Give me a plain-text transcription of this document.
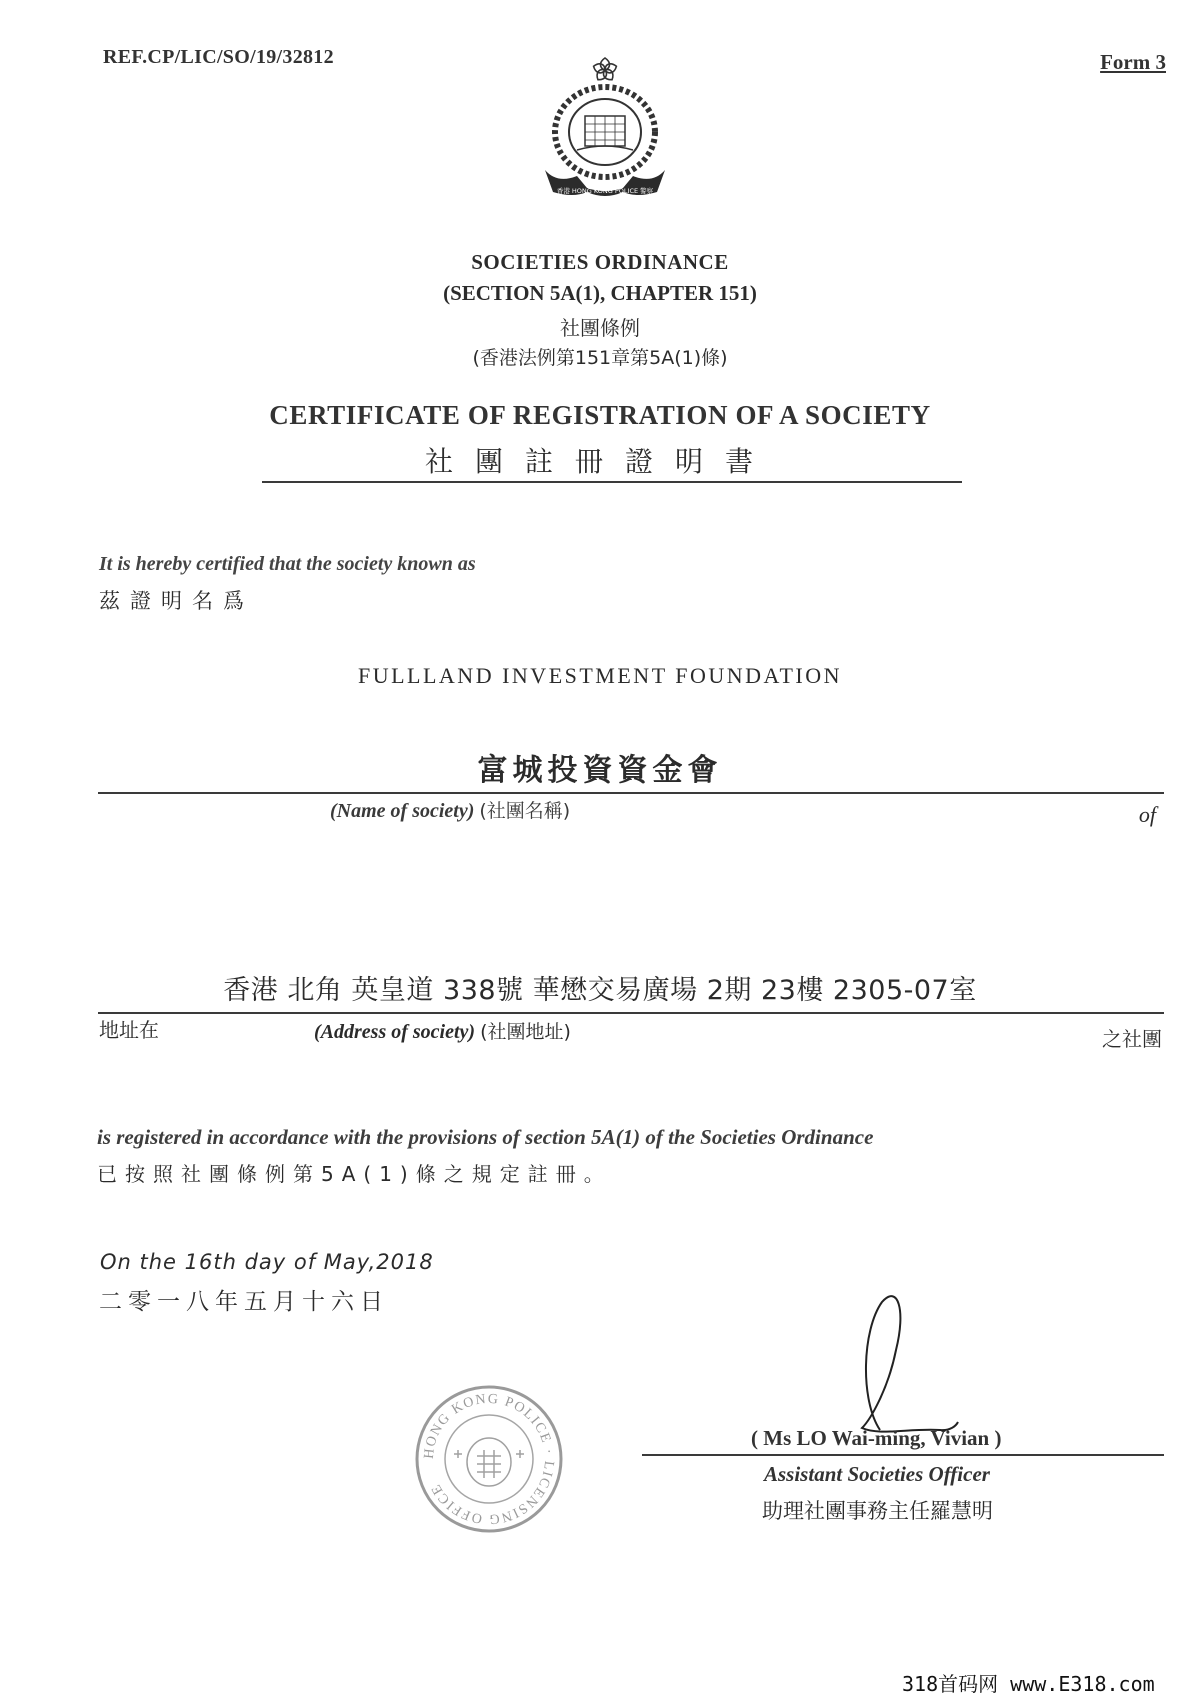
REF.CP/LIC/SO/19/32812	Form 3
香港 HONG KONG POLICE 警察
SOCIETIES ORDINANCE
(SECTION 5A(1), CHAPTER 151)
社團條例
(香港法例第151章第5A(1)條)
CERTIFICATE OF REGISTRATION OF A SOCIETY
社團註冊證明書
It is hereby certified that the society known as
茲證明名爲
FULLLAND INVESTMENT FOUNDATION
富城投資資金會
(Name of society) (社團名稱)	of
香港 北角 英皇道 338號 華懋交易廣場 2期 23樓 2305-07室
地址在	(Address of society) (社團地址)	之社團
is registered in accordance with the provisions of section 5A(1) of the Societies Ordinance
已按照社團條例第5A(1)條之規定註冊。
On the 16th day of May,2018
二零一八年五月十六日
HONG KONG POLICE · LICENSING OFFICE
( Ms LO Wai-ming, Vivian )
Assistant Societies Officer
助理社團事務主任羅慧明
318首码网 www.E318.com
